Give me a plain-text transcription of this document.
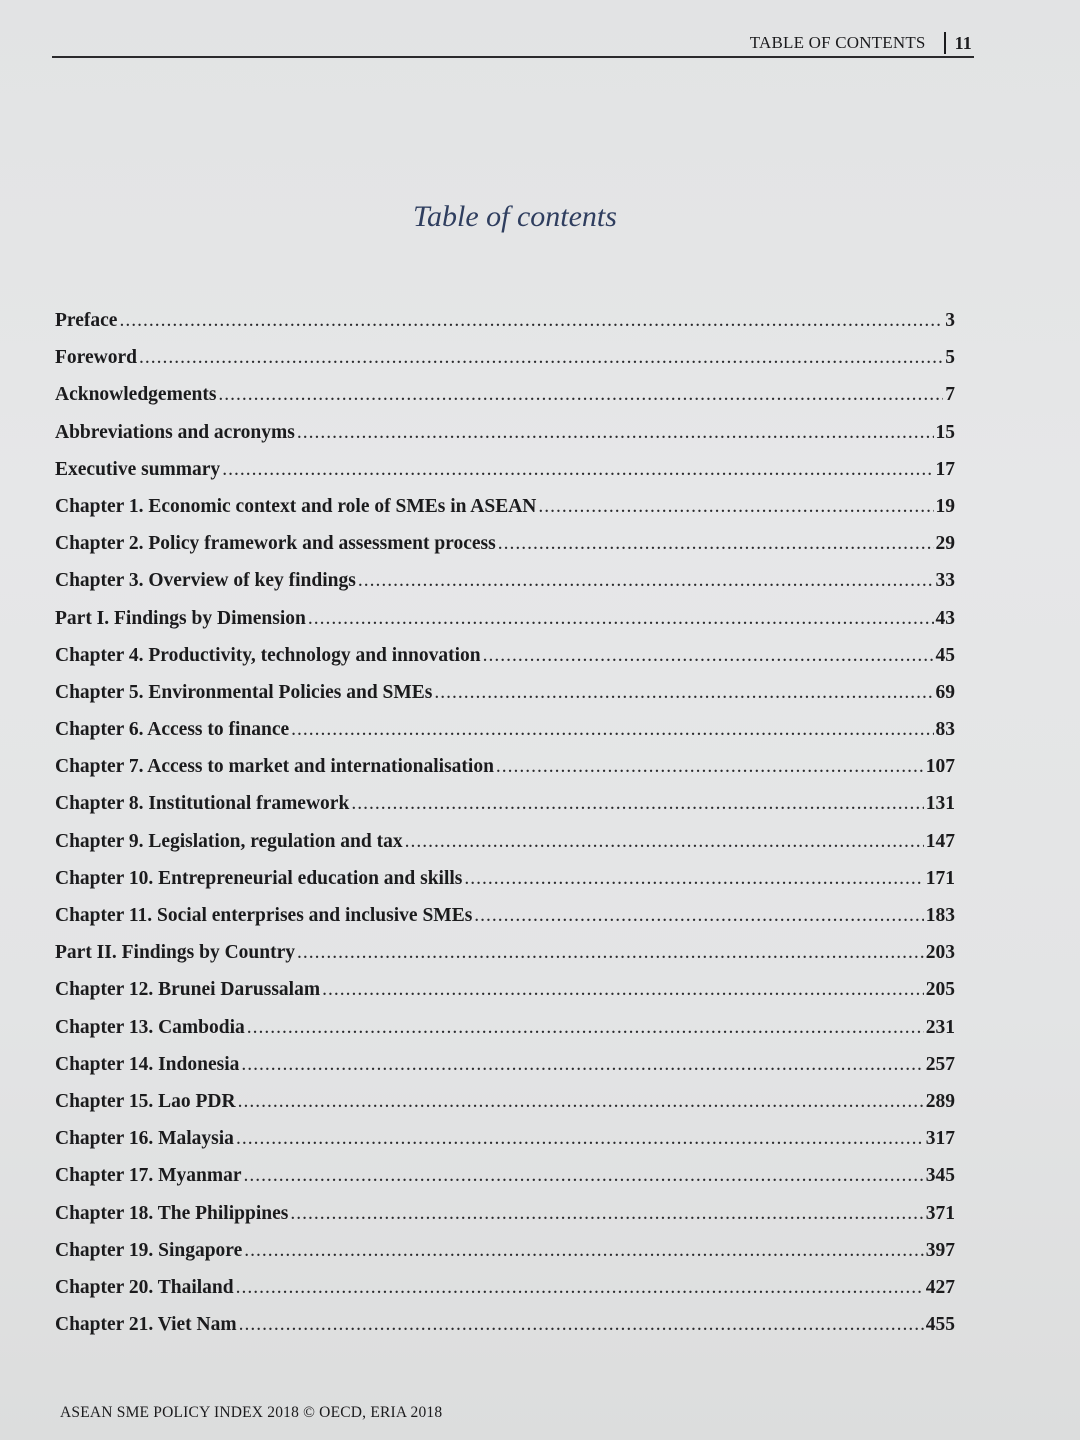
TABLE OF CONTENTS 11
Table of contents
Preface .....	3
Foreword .....	5
Acknowledgements .....	7
Abbreviations and acronyms .....	15
Executive summary .....	17
Chapter 1. Economic context and role of SMEs in ASEAN .....	19
Chapter 2. Policy framework and assessment process .....	29
Chapter 3. Overview of key findings .....	33
Part I. Findings by Dimension .....	43
Chapter 4. Productivity, technology and innovation .....	45
Chapter 5. Environmental Policies and SMEs .....	69
Chapter 6. Access to finance .....	83
Chapter 7. Access to market and internationalisation .....	107
Chapter 8. Institutional framework .....	131
Chapter 9. Legislation, regulation and tax .....	147
Chapter 10. Entrepreneurial education and skills .....	171
Chapter 11. Social enterprises and inclusive SMEs .....	183
Part II. Findings by Country .....	203
Chapter 12. Brunei Darussalam .....	205
Chapter 13. Cambodia .....	231
Chapter 14. Indonesia .....	257
Chapter 15. Lao PDR .....	289
Chapter 16. Malaysia .....	317
Chapter 17. Myanmar .....	345
Chapter 18. The Philippines .....	371
Chapter 19. Singapore .....	397
Chapter 20. Thailand .....	427
Chapter 21. Viet Nam .....	455
ASEAN SME POLICY INDEX 2018 © OECD, ERIA 2018
